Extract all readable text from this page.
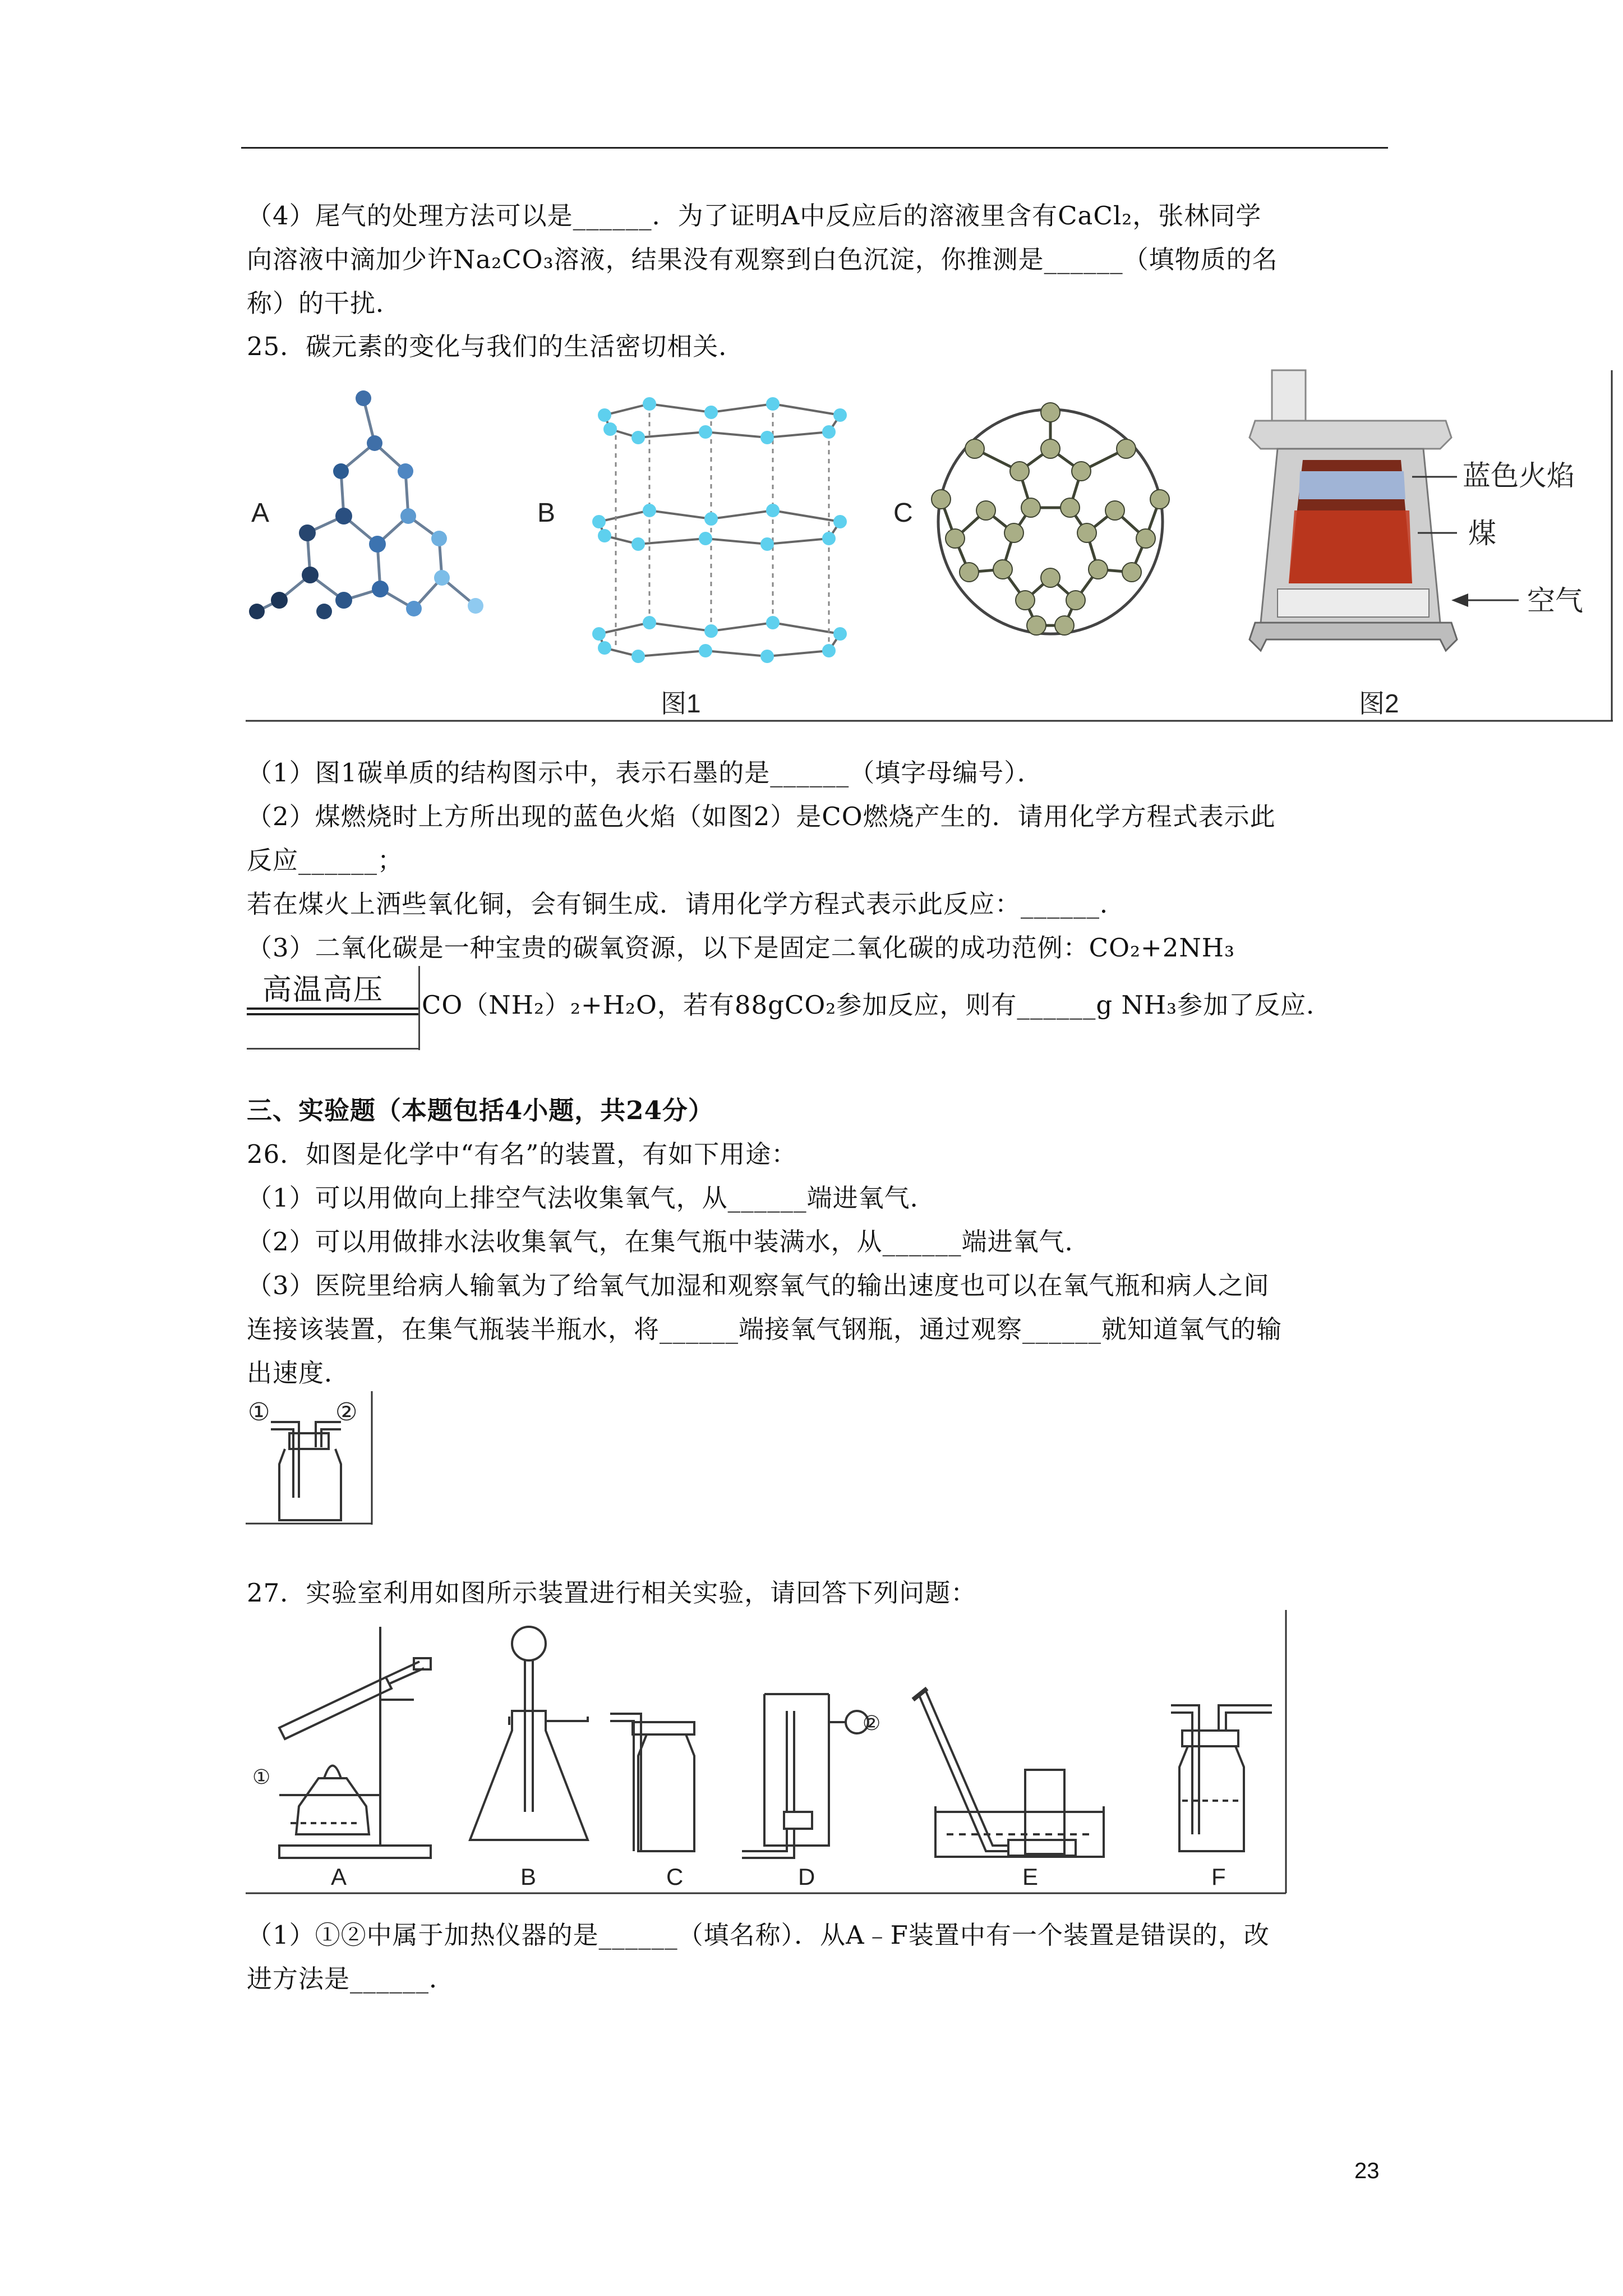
（4）尾气的处理方法可以是______．为了证明A中反应后的溶液里含有CaCl₂，张林同学
向溶液中滴加少许Na₂CO₃溶液，结果没有观察到白色沉淀，你推测是______（填物质的名
称）的干扰．
25．碳元素的变化与我们的生活密切相关．
A	B	C
蓝色火焰
煤
空气
图1	图2
（1）图1碳单质的结构图示中，表示石墨的是______（填字母编号）．
（2）煤燃烧时上方所出现的蓝色火焰（如图2）是CO燃烧产生的．请用化学方程式表示此
反应______；
若在煤火上洒些氧化铜，会有铜生成．请用化学方程式表示此反应：______．
（3）二氧化碳是一种宝贵的碳氧资源，以下是固定二氧化碳的成功范例：CO₂+2NH₃
高温高压 CO（NH₂）₂+H₂O，若有88gCO₂参加反应，则有______g NH₃参加了反应．
三、实验题（本题包括4小题，共24分）
26．如图是化学中“有名”的装置，有如下用途：
（1）可以用做向上排空气法收集氧气，从______端进氧气．
（2）可以用做排水法收集氧气，在集气瓶中装满水，从______端进氧气．
（3）医院里给病人输氧为了给氧气加湿和观察氧气的输出速度也可以在氧气瓶和病人之间
连接该装置，在集气瓶装半瓶水，将______端接氧气钢瓶，通过观察______就知道氧气的输
出速度．
①	②
27．实验室利用如图所示装置进行相关实验，请回答下列问题：
①
②
A	B	C	D	E	F
（1）①②中属于加热仪器的是______（填名称）．从A﹣F装置中有一个装置是错误的，改
进方法是______．
23
